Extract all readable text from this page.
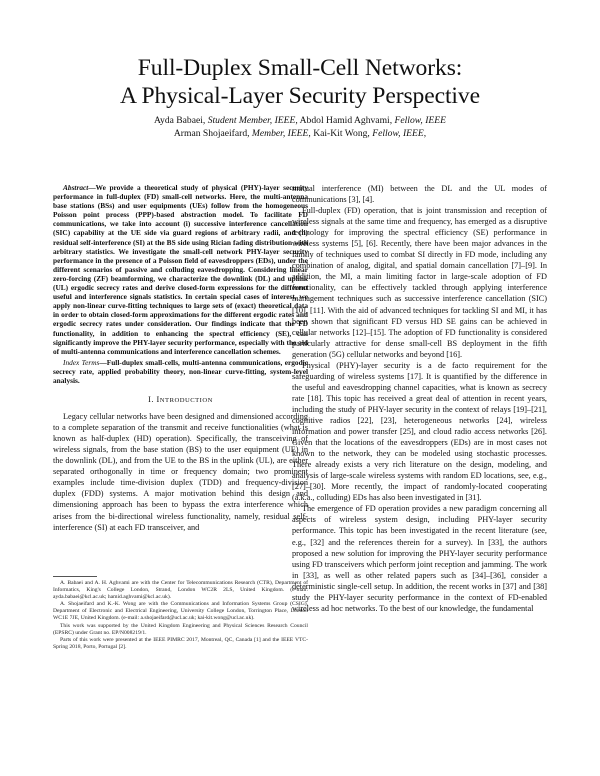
Full-Duplex Small-Cell Networks:
A Physical-Layer Security Perspective
Ayda Babaei, Student Member, IEEE, Abdol Hamid Aghvami, Fellow, IEEE
Arman Shojaeifard, Member, IEEE, Kai-Kit Wong, Fellow, IEEE,

Abstract—We provide a theoretical study of physical (PHY)-layer security performance in full-duplex (FD) small-cell networks. Here, the multi-antenna base stations (BSs) and user equipments (UEs) follow from the homogeneous Poisson point process (PPP)-based abstraction model. To facilitate FD communications, we take into account (i) successive interference cancellation (SIC) capability at the UE side via guard regions of arbitrary radii, and (ii) residual self-interference (SI) at the BS side using Rician fading distribution with arbitrary statistics. We investigate the small-cell network PHY-layer security performance in the presence of a Poisson field of eavesdroppers (EDs), under the different scenarios of passive and colluding eavesdropping. Considering linear zero-forcing (ZF) beamforming, we characterize the downlink (DL) and uplink (UL) ergodic secrecy rates and derive closed-form expressions for the different useful and interference signals statistics. In certain special cases of interest, we apply non-linear curve-fitting techniques to large sets of (exact) theoretical data in order to obtain closed-form approximations for the different ergodic rates and ergodic secrecy rates under consideration. Our findings indicate that the FD functionality, in addition to enhancing the spectral efficiency (SE), can significantly improve the PHY-layer security performance, especially with the aid of multi-antenna communications and interference cancellation schemes.

Index Terms—Full-duplex small-cells, multi-antenna communications, ergodic secrecy rate, applied probability theory, non-linear curve-fitting, system-level analysis.

I. INTRODUCTION

Legacy cellular networks have been designed and dimensioned according to a complete separation of the transmit and receive functionalities (what is known as half-duplex (HD) operation). Specifically, the transceiving of wireless signals, from the base station (BS) to the user equipment (UE) in the downlink (DL), and from the UE to the BS in the uplink (UL), are either separated orthogonally in time or frequency domain; two prominent examples include time-division duplex (TDD) and frequency-division duplex (FDD) systems. A major motivation behind this design and dimensioning approach has been to bypass the extra interference which arises from the bi-directional wireless functionality, namely, residual self-interference (SI) at each FD transceiver, and

A. Babaei and A. H. Aghvami are with the Center for Telecommunications Research (CTR), Department of Informatics, King's College London, Strand, London WC2R 2LS, United Kingdom. (e-mail: ayda.babaei@kcl.ac.uk; hamid.aghvami@kcl.ac.uk).

A. Shojaeifard and K.-K. Wong are with the Communications and Information Systems Group (CSIG), Department of Electronic and Electrical Engineering, University College London, Torrington Place, London WC1E 7JE, United Kingdom. (e-mail: a.shojaeifard@ucl.ac.uk; kai-kit.wong@ucl.ac.uk).

This work was supported by the United Kingdom Engineering and Physical Sciences Research Council (EPSRC) under Grant no. EP/N008219/1.

Parts of this work were presented at the IEEE PIMRC 2017, Montreal, QC, Canada [1] and the IEEE VTC-Spring 2018, Porto, Portugal [2].

mutual interference (MI) between the DL and the UL modes of communications [3], [4].

Full-duplex (FD) operation, that is joint transmission and reception of wireless signals at the same time and frequency, has emerged as a disruptive technology for improving the spectral efficiency (SE) performance in wireless systems [5], [6]. Recently, there have been major advances in the family of techniques used to combat SI directly in FD mode, including any combination of analog, digital, and spatial domain cancellation [7]–[9]. In addition, the MI, a main limiting factor in large-scale adoption of FD functionality, can be effectively tackled through applying interference management techniques such as successive interference cancellation (SIC) [10], [11]. With the aid of advanced techniques for tackling SI and MI, it has been shown that significant FD versus HD SE gains can be achieved in cellular networks [12]–[15]. The adoption of FD functionality is considered particularly attractive for dense small-cell BS deployment in the fifth generation (5G) cellular networks and beyond [16].

Physical (PHY)-layer security is a de facto requirement for the safeguarding of wireless systems [17]. It is quantified by the difference in the useful and eavesdropping channel capacities, what is known as secrecy rate [18]. This topic has received a great deal of attention in recent years, including the study of PHY-layer security in the context of relays [19]–[21], cognitive radios [22], [23], heterogeneous networks [24], wireless information and power transfer [25], and cloud radio access networks [26]. Given that the locations of the eavesdroppers (EDs) are in most cases not known to the network, they can be modeled using stochastic processes. There already exists a very rich literature on the design, modeling, and analysis of large-scale wireless systems with random ED locations, see, e.g., [27]–[30]. More recently, the impact of randomly-located cooperating (a.k.a., colluding) EDs has also been investigated in [31].

The emergence of FD operation provides a new paradigm concerning all aspects of wireless system design, including PHY-layer security performance. This topic has been investigated in the recent literature (see, e.g., [32] and the references therein for a survey). In [33], the authors proposed a new solution for improving the PHY-layer security performance using FD transceivers which perform joint reception and jamming. The work in [33], as well as other related papers such as [34]–[36], consider a deterministic single-cell setup. In addition, the recent works in [37] and [38] study the PHY-layer security performance in the context of FD-enabled wireless ad hoc networks. To the best of our knowledge, the fundamental
